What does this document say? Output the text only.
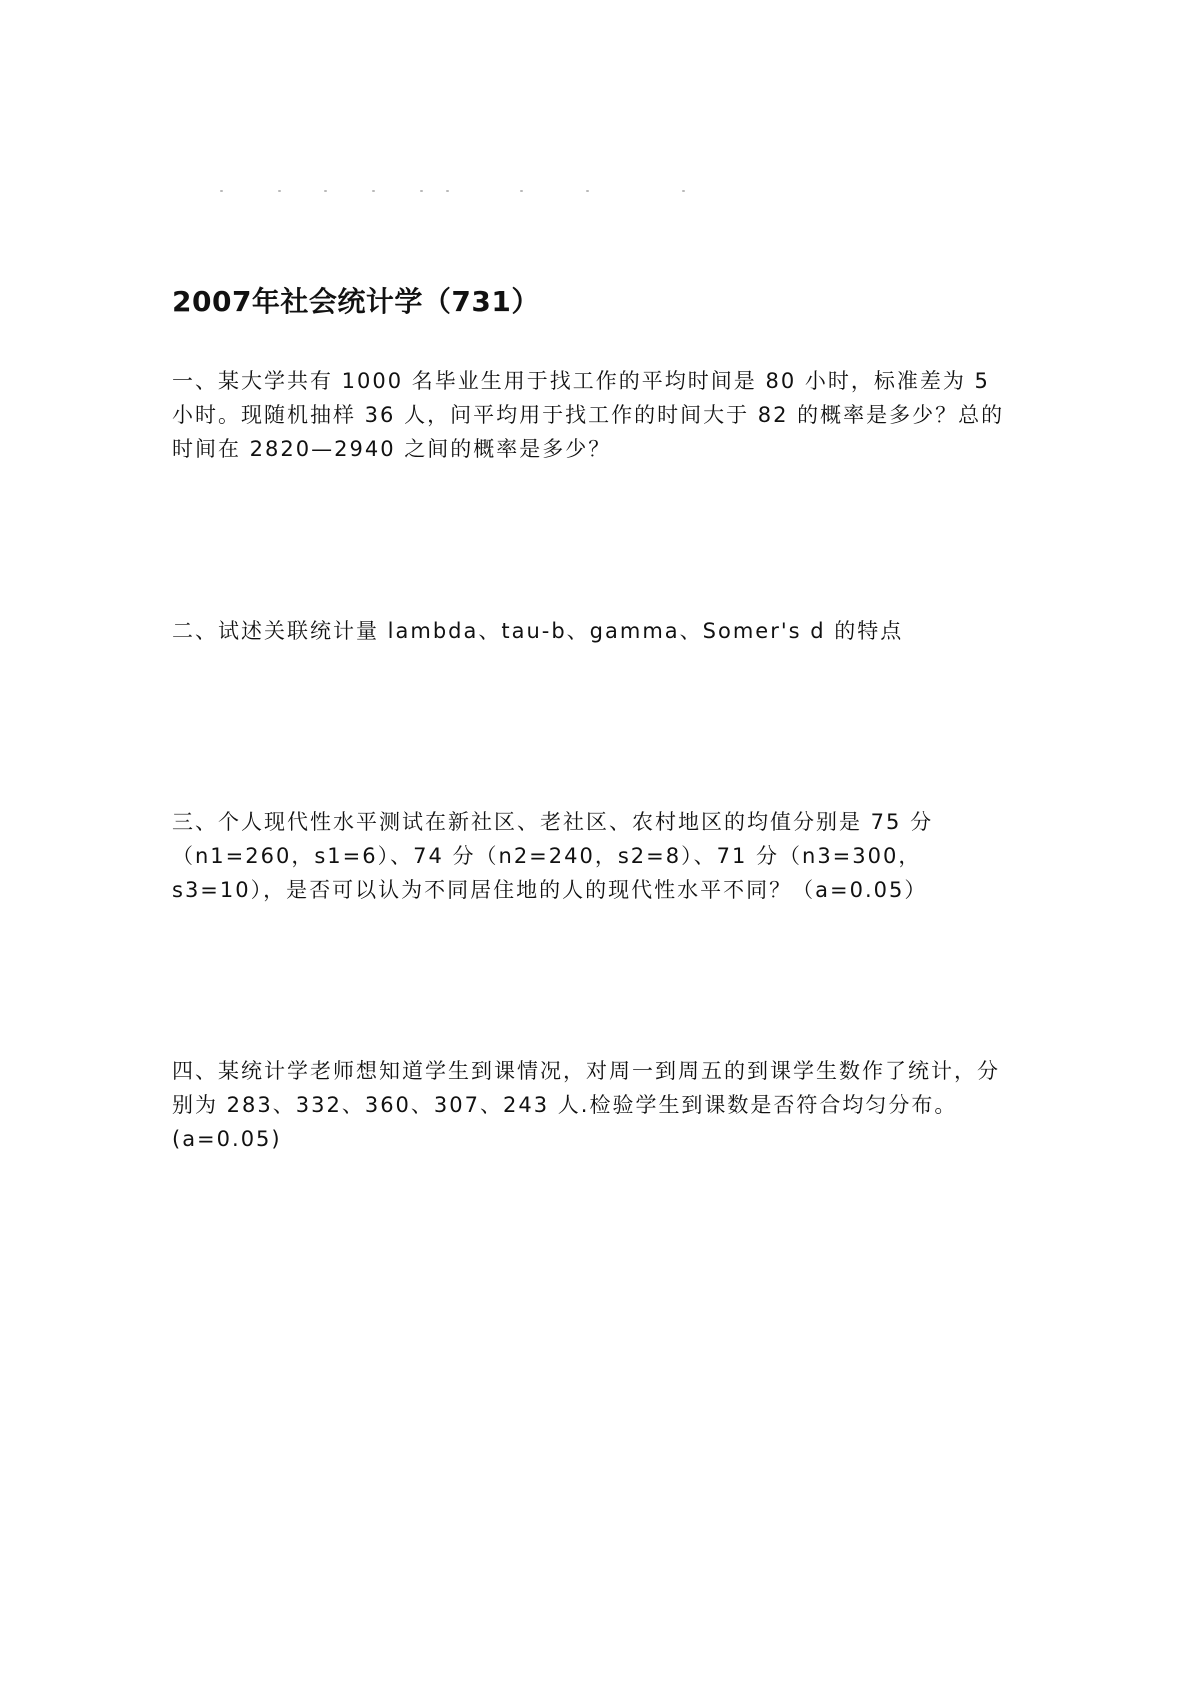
2007年社会统计学（731）

一、某大学共有 1000 名毕业生用于找工作的平均时间是 80 小时，标准差为 5 小时。现随机抽样 36 人，问平均用于找工作的时间大于 82 的概率是多少？总的时间在 2820—2940 之间的概率是多少？

二、试述关联统计量 lambda、tau-b、gamma、Somer's d 的特点

三、个人现代性水平测试在新社区、老社区、农村地区的均值分别是 75 分（n1=260，s1=6）、74 分（n2=240，s2=8）、71 分（n3=300，s3=10），是否可以认为不同居住地的人的现代性水平不同？（a=0.05）

四、某统计学老师想知道学生到课情况，对周一到周五的到课学生数作了统计，分别为 283、332、360、307、243 人.检验学生到课数是否符合均匀分布。(a=0.05)
